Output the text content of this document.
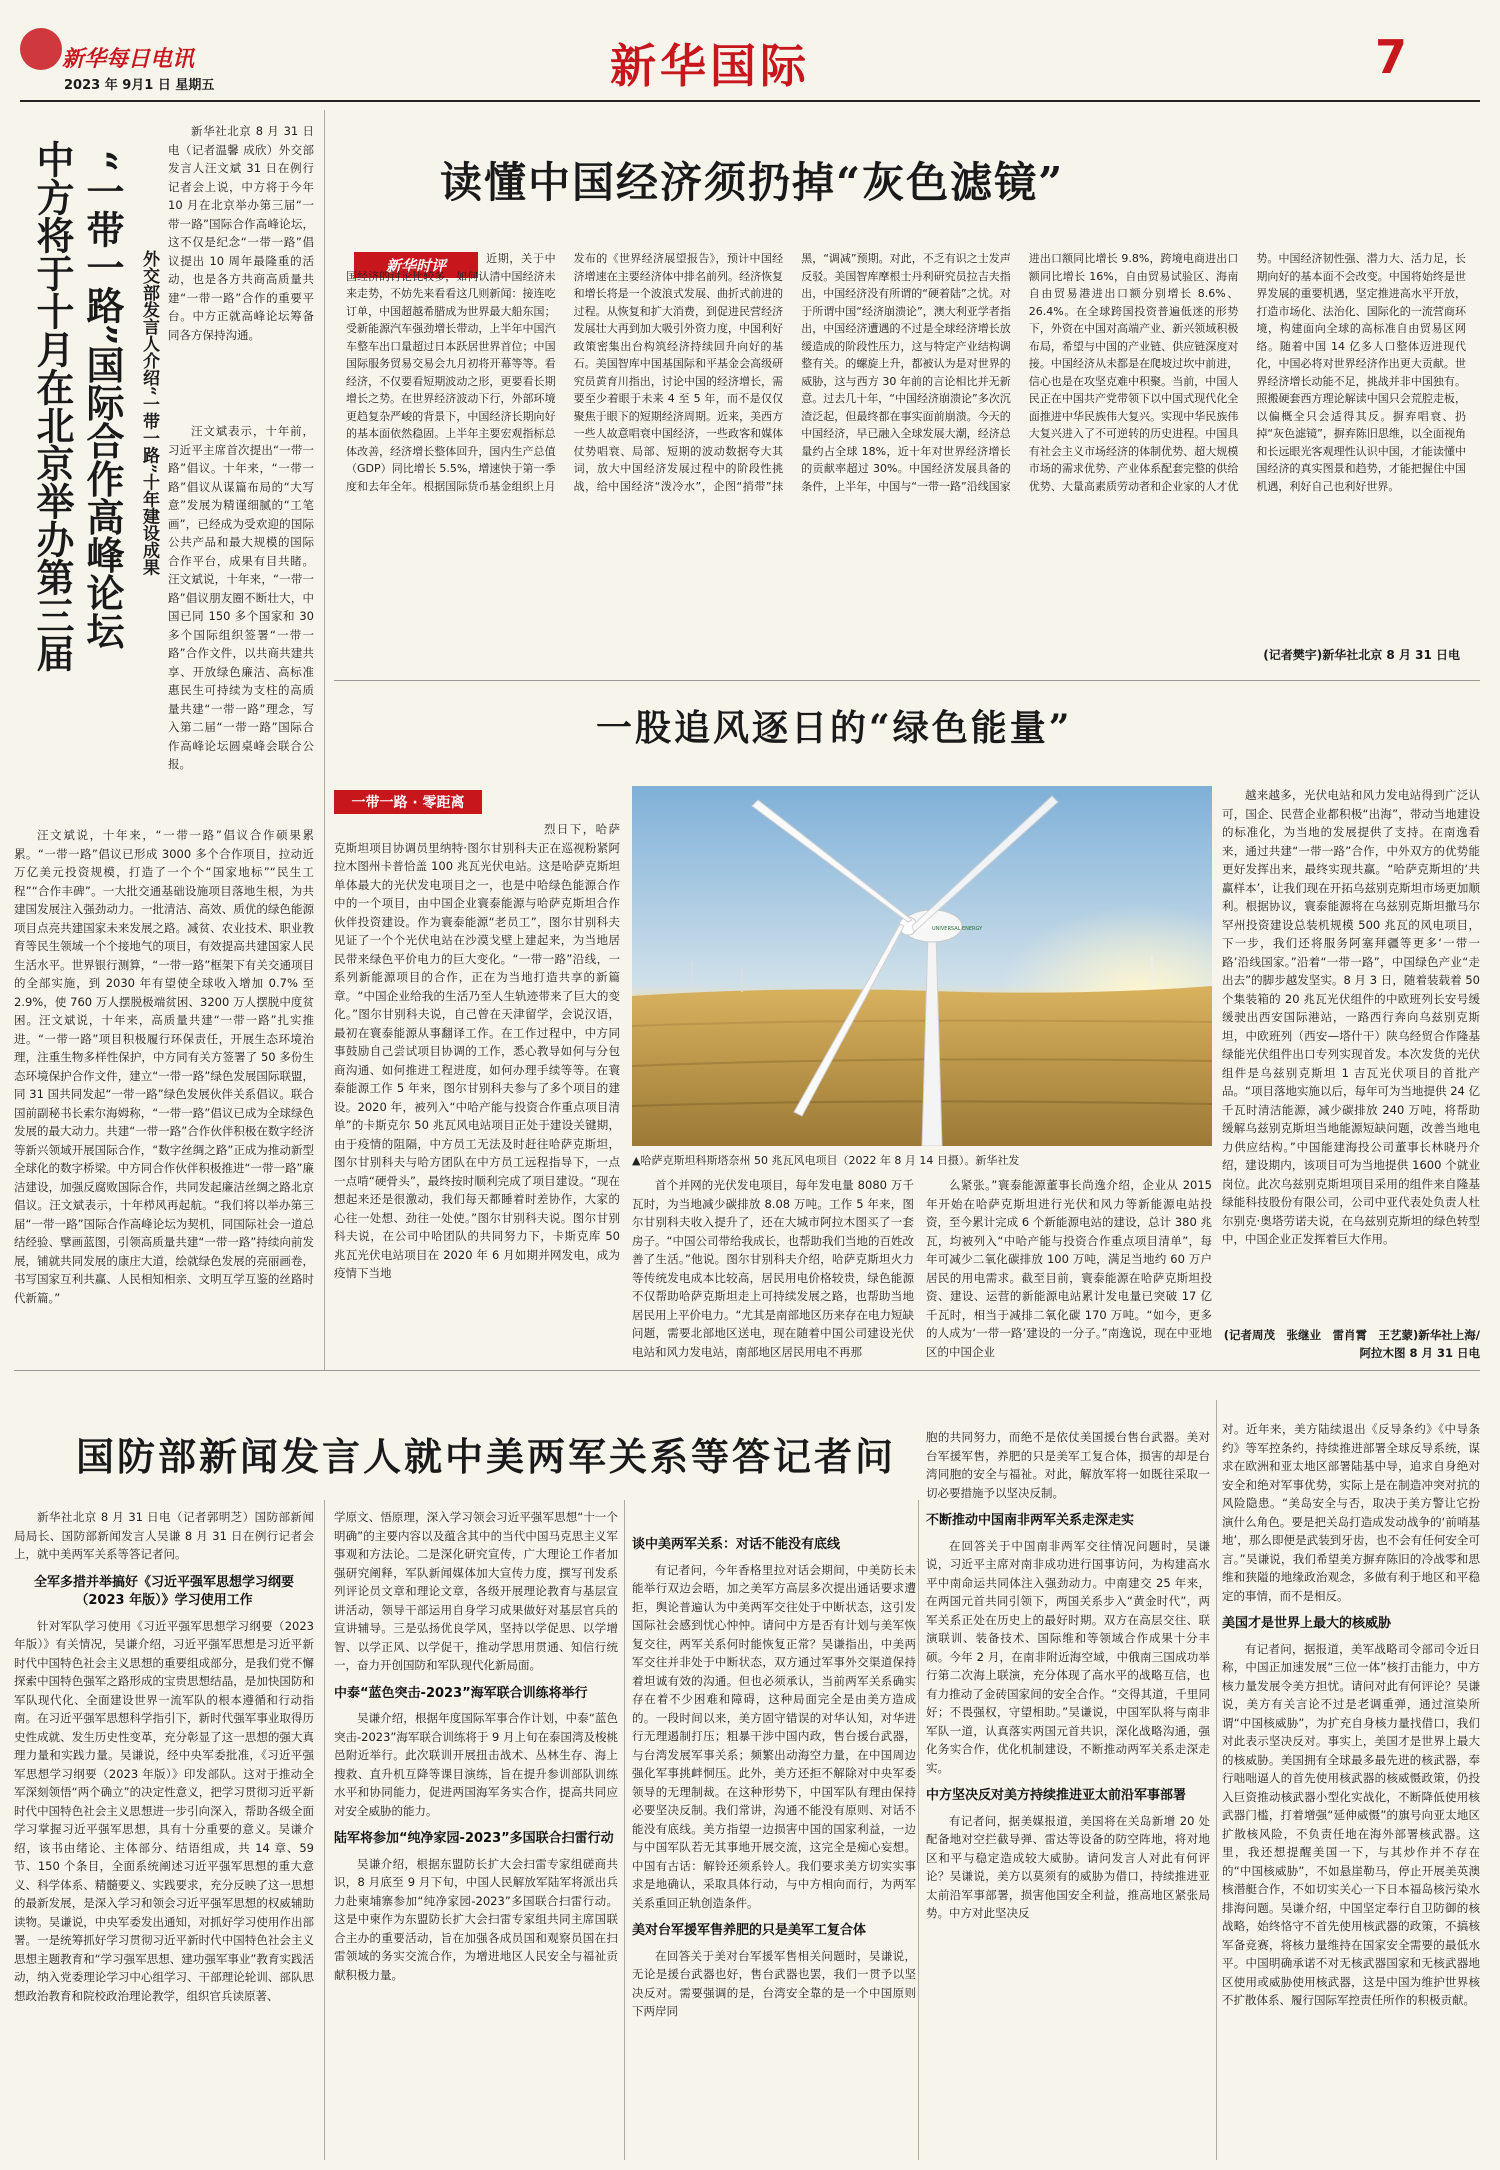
新华每日电讯
2023 年 9月1 日 星期五	新华国际	7
中方将于十月在北京举办第三届 “一带一路”国际合作高峰论坛 外交部发言人介绍“一带一路”十年建设成果

新华社北京 8 月 31 日电（记者温馨 成欣）外交部发言人汪文斌 31 日在例行记者会上说，中方将于今年 10 月在北京举办第三届“一带一路”国际合作高峰论坛，这不仅是纪念“一带一路”倡议提出 10 周年最隆重的活动，也是各方共商高质量共建“一带一路”合作的重要平台。中方正就高峰论坛筹备同各方保持沟通。

汪文斌表示，十年前，习近平主席首次提出“一带一路”倡议。十年来，“一带一路”倡议从谋篇布局的“大写意”发展为精谨细腻的“工笔画”，已经成为受欢迎的国际公共产品和最大规模的国际合作平台，成果有目共睹。汪文斌说，十年来，“一带一路”倡议朋友圈不断壮大，中国已同 150 多个国家和 30 多个国际组织签署“一带一路”合作文件，以共商共建共享、开放绿色廉洁、高标准惠民生可持续为支柱的高质量共建“一带一路”理念，写入第二届“一带一路”国际合作高峰论坛圆桌峰会联合公报。

汪文斌说，十年来，“一带一路”倡议合作硕果累累。“一带一路”倡议已形成 3000 多个合作项目，拉动近万亿美元投资规模，打造了一个个“国家地标”“民生工程”“合作丰碑”。一大批交通基础设施项目落地生根，为共建国发展注入强劲动力。一批清洁、高效、质优的绿色能源项目点亮共建国家未来发展之路。减贫、农业技术、职业教育等民生领域一个个接地气的项目，有效提高共建国家人民生活水平。世界银行测算，“一带一路”框架下有关交通项目的全部实施，到 2030 年有望使全球收入增加 0.7% 至 2.9%，使 760 万人摆脱极端贫困、3200 万人摆脱中度贫困。汪文斌说，十年来，高质量共建“一带一路”扎实推进。“一带一路”项目积极履行环保责任，开展生态环境治理，注重生物多样性保护，中方同有关方签署了 50 多份生态环境保护合作文件，建立“一带一路”绿色发展国际联盟，同 31 国共同发起“一带一路”绿色发展伙伴关系倡议。联合国前副秘书长索尔海姆称，“一带一路”倡议已成为全球绿色发展的最大动力。共建“一带一路”合作伙伴积极在数字经济等新兴领域开展国际合作，“数字丝绸之路”正成为推动新型全球化的数字桥梁。中方同合作伙伴积极推进“一带一路”廉洁建设，加强反腐败国际合作，共同发起廉洁丝绸之路北京倡议。汪文斌表示，十年栉风再起航。“我们将以举办第三届“一带一路”国际合作高峰论坛为契机，同国际社会一道总结经验、擘画蓝图，引领高质量共建“一带一路”持续向前发展，铺就共同发展的康庄大道，绘就绿色发展的亮丽画卷，书写国家互利共赢、人民相知相亲、文明互学互鉴的丝路时代新篇。”

读懂中国经济须扔掉“灰色滤镜”
新华时评	近期，关于中国经济的讨论比较多，如何认清中国经济未来走势，不妨先来看看这几则新闻：接连吃订单，中国超越希腊成为世界最大船东国；受新能源汽车强劲增长带动，上半年中国汽车整车出口量超过日本跃居世界首位；中国国际服务贸易交易会九月初将开幕等等。看经济，不仅要看短期波动之形，更要看长期增长之势。在世界经济波动下行，外部环境更趋复杂严峻的背景下，中国经济长期向好的基本面依然稳固。上半年主要宏观指标总体改善，经济增长整体回升，国内生产总值（GDP）同比增长 5.5%，增速快于第一季度和去年全年。根据国际货币基金组织上月发布的《世界经济展望报告》，预计中国经济增速在主要经济体中排名前列。经济恢复和增长将是一个波浪式发展、曲折式前进的过程。从恢复和扩大消费，到促进民营经济发展壮大再到加大吸引外资力度，中国利好政策密集出台构筑经济持续回升向好的基石。美国智库中国基国际和平基金会高级研究员黄育川指出，讨论中国的经济增长，需要至少着眼于未来 4 至 5 年，而不是仅仅聚焦于眼下的短期经济周期。近来，美西方一些人故意唱衰中国经济，一些政客和媒体仗势唱衰、局部、短期的波动数据夸大其词，放大中国经济发展过程中的阶段性挑战，给中国经济“泼冷水”，企图“捎带”抹黑，“调减”预期。对此，不乏有识之士发声反驳。美国智库摩根士丹利研究员拉吉夫指出，中国经济没有所谓的“硬着陆”之忧。对于所谓中国“经济崩溃论”，澳大利亚学者指出，中国经济遭遇的不过是全球经济增长放缓造成的阶段性压力，这与特定产业结构调整有关。的螺旋上升，都被认为是对世界的威胁，这与西方 30 年前的言论相比并无新意。过去几十年，“中国经济崩溃论”多次沉渣泛起，但最终都在事实面前崩溃。今天的中国经济，早已融入全球发展大潮，经济总量约占全球 18%，近十年对世界经济增长的贡献率超过 30%。中国经济发展具备的条件，上半年，中国与“一带一路”沿线国家进出口额同比增长 9.8%，跨境电商进出口额同比增长 16%，自由贸易试验区、海南自由贸易港进出口额分别增长 8.6%、26.4%。在全球跨国投资普遍低迷的形势下，外资在中国对高端产业、新兴领域积极布局，希望与中国的产业链、供应链深度对接。中国经济从未都是在爬坡过坎中前进，信心也是在攻坚克难中积聚。当前，中国人民正在中国共产党带领下以中国式现代化全面推进中华民族伟大复兴。实现中华民族伟大复兴进入了不可逆转的历史进程。中国具有社会主义市场经济的体制优势、超大规模市场的需求优势、产业体系配套完整的供给优势、大量高素质劳动者和企业家的人才优势。中国经济韧性强、潜力大、活力足，长期向好的基本面不会改变。中国将始终是世界发展的重要机遇，坚定推进高水平开放，打造市场化、法治化、国际化的一流营商环境，构建面向全球的高标准自由贸易区网络。随着中国 14 亿多人口整体迈进现代化，中国必将对世界经济作出更大贡献。世界经济增长动能不足，挑战并非中国独有。照搬硬套西方理论解读中国只会荒腔走板，以偏概全只会适得其反。摒弃唱衰、扔掉“灰色滤镜”，摒弃陈旧思维，以全面视角和长远眼光客观理性认识中国，才能读懂中国经济的真实图景和趋势，才能把握住中国机遇，利好自己也利好世界。

(记者樊宇)新华社北京 8 月 31 日电
一股追风逐日的“绿色能量”
一带一路 · 零距离
UNIVERSAL ENERGY
▲哈萨克斯坦科斯塔奈州 50 兆瓦风电项目（2022 年 8 月 14 日摄）。新华社发

烈日下，哈萨克斯坦项目协调员里纳特·图尔甘别科夫正在巡视粉紧阿拉木图州卡普恰盖 100 兆瓦光伏电站。这是哈萨克斯坦单体最大的光伏发电项目之一，也是中哈绿色能源合作中的一个项目，由中国企业寰泰能源与哈萨克斯坦合作伙伴投资建设。作为寰泰能源“老员工”，图尔甘别科夫见证了一个个光伏电站在沙漠戈壁上建起来，为当地居民带来绿色平价电力的巨大变化。“一带一路”沿线，一系列新能源项目的合作，正在为当地打造共享的新篇章。“中国企业给我的生活乃至人生轨迹带来了巨大的变化。”图尔甘别科夫说，自己曾在天津留学，会说汉语，最初在寰泰能源从事翻译工作。在工作过程中，中方同事鼓励自己尝试项目协调的工作，悉心教导如何与分包商沟通、如何推进工程进度，如何办理手续等等。在寰泰能源工作 5 年来，图尔甘别科夫参与了多个项目的建设。2020 年，被列入“中哈产能与投资合作重点项目清单”的卡斯克尔 50 兆瓦风电站项目正处于建设关键期，由于疫情的阻隔，中方员工无法及时赶往哈萨克斯坦，图尔甘别科夫与哈方团队在中方员工远程指导下，一点一点啃“硬骨头”，最终按时顺利完成了项目建设。“现在想起来还是很激动，我们每天都睡着时差协作，大家的心往一处想、劲往一处使。”图尔甘别科夫说。图尔甘别科夫说，在公司中哈团队的共同努力下，卡斯克库 50 兆瓦光伏电站项目在 2020 年 6 月如期并网发电，成为疫情下当地

首个并网的光伏发电项目，每年发电量 8080 万千瓦时，为当地减少碳排放 8.08 万吨。工作 5 年来，图尔甘别科夫收入提升了，还在大城市阿拉木图买了一套房子。“中国公司带给我成长，也帮助我们当地的百姓改善了生活。”他说。图尔甘别科夫介绍，哈萨克斯坦火力等传统发电成本比较高，居民用电价格较贵，绿色能源不仅帮助哈萨克斯坦走上可持续发展之路，也帮助当地居民用上平价电力。“尤其是南部地区历来存在电力短缺问题，需要北部地区送电，现在随着中国公司建设光伏电站和风力发电站，南部地区居民用电不再那

么紧张。”寰泰能源董事长尚逸介绍，企业从 2015 年开始在哈萨克斯坦进行光伏和风力等新能源电站投资，至今累计完成 6 个新能源电站的建设，总计 380 兆瓦，均被列入“中哈产能与投资合作重点项目清单”，每年可减少二氧化碳排放 100 万吨，满足当地约 60 万户居民的用电需求。截至目前，寰泰能源在哈萨克斯坦投资、建设、运营的新能源电站累计发电量已突破 17 亿千瓦时，相当于减排二氧化碳 170 万吨。“如今，更多的人成为‘一带一路’建设的一分子。”南逸说，现在中亚地区的中国企业

越来越多，光伏电站和风力发电站得到广泛认可，国企、民营企业都积极“出海”，带动当地建设的标准化，为当地的发展提供了支持。在南逸看来，通过共建“一带一路”合作，中外双方的优势能更好发挥出来，最终实现共赢。“哈萨克斯坦的‘共赢样本’，让我们现在开拓乌兹别克斯坦市场更加顺利。根据协议，寰泰能源将在乌兹别克斯坦撒马尔罕州投资建设总装机规模 500 兆瓦的风电项目，下一步，我们还将服务阿塞拜疆等更多‘一带一路’沿线国家。”沿着“一带一路”，中国绿色产业“走出去”的脚步越发坚实。8 月 3 日，随着装载着 50 个集装箱的 20 兆瓦光伏组件的中欧班列长安号缓缓驶出西安国际港站，一路西行奔向乌兹别克斯坦，中欧班列（西安—塔什干）陕乌经贸合作隆基绿能光伏组件出口专列实现首发。本次发货的光伏组件是乌兹别克斯坦 1 吉瓦光伏项目的首批产品。“项目落地实施以后，每年可为当地提供 24 亿千瓦时清洁能源，减少碳排放 240 万吨，将帮助缓解乌兹别克斯坦当地能源短缺问题，改善当地电力供应结构。”中国能建海投公司董事长林晓丹介绍，建设期内，该项目可为当地提供 1600 个就业岗位。此次乌兹别克斯坦项目采用的组件来自隆基绿能科技股份有限公司，公司中亚代表处负责人杜尔别克·奥塔劳诺夫说，在乌兹别克斯坦的绿色转型中，中国企业正发挥着巨大作用。

(记者周茂　张继业　雷肖霄　王艺蒙)新华社上海/阿拉木图 8 月 31 日电
国防部新闻发言人就中美两军关系等答记者问

新华社北京 8 月 31 日电（记者郭明芝）国防部新闻局局长、国防部新闻发言人吴谦 8 月 31 日在例行记者会上，就中美两军关系等答记者问。

全军多措并举搞好《习近平强军思想学习纲要（2023 年版）》学习使用工作

针对军队学习使用《习近平强军思想学习纲要（2023 年版）》有关情况，吴谦介绍，习近平强军思想是习近平新时代中国特色社会主义思想的重要组成部分，是我们党不懈探索中国特色强军之路形成的宝贵思想结晶，是加快国防和军队现代化、全面建设世界一流军队的根本遵循和行动指南。在习近平强军思想科学指引下，新时代强军事业取得历史性成就、发生历史性变革，充分彰显了这一思想的强大真理力量和实践力量。吴谦说，经中央军委批准，《习近平强军思想学习纲要（2023 年版）》印发部队。这对于推动全军深刻领悟“两个确立”的决定性意义，把学习贯彻习近平新时代中国特色社会主义思想进一步引向深入，帮助各级全面学习掌握习近平强军思想，具有十分重要的意义。吴谦介绍，该书由绪论、主体部分、结语组成，共 14 章、59 节、150 个条目，全面系统阐述习近平强军思想的重大意义、科学体系、精髓要义、实践要求，充分反映了这一思想的最新发展，是深入学习和领会习近平强军思想的权威辅助读物。吴谦说，中央军委发出通知，对抓好学习使用作出部署。一是统筹抓好学习贯彻习近平新时代中国特色社会主义思想主题教育和“学习强军思想、建功强军事业”教育实践活动，纳入党委理论学习中心组学习、干部理论轮训、部队思想政治教育和院校政治理论教学，组织官兵读原著、

学原文、悟原理，深入学习领会习近平强军思想“十一个明确”的主要内容以及蕴含其中的当代中国马克思主义军事观和方法论。二是深化研究宣传，广大理论工作者加强研究阐释，军队新闻媒体加大宣传力度，撰写刊发系列评论员文章和理论文章，各级开展理论教育与基层宣讲活动，领导干部运用自身学习成果做好对基层官兵的宣讲辅导。三是弘扬优良学风，坚持以学促思、以学增智、以学正风、以学促干，推动学思用贯通、知信行统一，奋力开创国防和军队现代化新局面。

中泰“蓝色突击-2023”海军联合训练将举行

吴谦介绍，根据年度国际军事合作计划，中泰“蓝色突击-2023”海军联合训练将于 9 月上旬在泰国湾及梭桃邑附近举行。此次联训开展扭击战术、丛林生存、海上搜救、直升机互降等课目演练，旨在提升参训部队训练水平和协同能力，促进两国海军务实合作，提高共同应对安全威胁的能力。

陆军将参加“纯净家园-2023”多国联合扫雷行动

吴谦介绍，根据东盟防长扩大会扫雷专家组磋商共识，8 月底至 9 月下旬，中国人民解放军陆军将派出兵力赴柬埔寨参加“纯净家园-2023”多国联合扫雷行动。这是中柬作为东盟防长扩大会扫雷专家组共同主席国联合主办的重要活动，旨在加强各成员国和观察员国在扫雷领域的务实交流合作，为增进地区人民安全与福祉贡献积极力量。

谈中美两军关系：对话不能没有底线

有记者问，今年香格里拉对话会期间，中美防长未能举行双边会晤，加之美军方高层多次提出通话要求遭拒，舆论普遍认为中美两军交往处于中断状态，这引发国际社会感到忧心忡忡。请问中方是否有计划与美军恢复交往，两军关系何时能恢复正常？吴谦指出，中美两军交往并非处于中断状态，双方通过军事外交渠道保持着坦诚有效的沟通。但也必须承认，当前两军关系确实存在着不少困难和障碍，这种局面完全是由美方造成的。一段时间以来，美方固守错误的对华认知，对华进行无理遏制打压；粗暴干涉中国内政，售台援台武器，与台湾发展军事关系；频繁出动海空力量，在中国周边强化军事挑衅恫压。此外，美方还拒不解除对中央军委领导的无理制裁。在这种形势下，中国军队有理由保持必要坚决反制。我们常讲，沟通不能没有原则、对话不能没有底线。美方指望一边损害中国的国家利益，一边与中国军队若无其事地开展交流，这完全是痴心妄想。中国有古话：解铃还须系铃人。我们要求美方切实实事求是地确认，采取具体行动，与中方相向而行，为两军关系重回正轨创造条件。

美对台军援军售养肥的只是美军工复合体

在回答关于美对台军援军售相关问题时，吴谦说，无论是援台武器也好，售台武器也罢，我们一贯予以坚决反对。需要强调的是，台湾安全靠的是一个中国原则下两岸同

胞的共同努力，而绝不是依仗美国援台售台武器。美对台军援军售，养肥的只是美军工复合体，损害的却是台湾同胞的安全与福祉。对此，解放军将一如既往采取一切必要措施予以坚决反制。

不断推动中国南非两军关系走深走实

在回答关于中国南非两军交往情况问题时，吴谦说，习近平主席对南非成功进行国事访问，为构建高水平中南命运共同体注入强劲动力。中南建交 25 年来，在两国元首共同引领下，两国关系步入“黄金时代”，两军关系正处在历史上的最好时期。双方在高层交往、联演联训、装备技术、国际维和等领域合作成果十分丰硕。今年 2 月，在南非附近海空域，中俄南三国成功举行第二次海上联演，充分体现了高水平的战略互信，也有力推动了金砖国家间的安全合作。“交得其道，千里同好；不畏强权，守望相助。”吴谦说，中国军队将与南非军队一道，认真落实两国元首共识，深化战略沟通，强化务实合作，优化机制建设，不断推动两军关系走深走实。

中方坚决反对美方持续推进亚太前沿军事部署

有记者问，据美媒报道，美国将在关岛新增 20 处配备地对空拦截导弹、雷达等设备的防空阵地，将对地区和平与稳定造成较大威胁。请问发言人对此有何评论？吴谦说，美方以莫须有的威胁为借口，持续推进亚太前沿军事部署，损害他国安全利益，推高地区紧张局势。中方对此坚决反

对。近年来，美方陆续退出《反导条约》《中导条约》等军控条约，持续推进部署全球反导系统，谋求在欧洲和亚太地区部署陆基中导，追求自身绝对安全和绝对军事优势，实际上是在制造冲突对抗的风险隐患。“美岛安全与否，取决于美方警让它扮演什么角色。要是把关岛打造成发动战争的‘前哨基地’，那么即便是武装到牙齿，也不会有任何安全可言。”吴谦说，我们希望美方摒弃陈旧的冷战零和思维和狭隘的地缘政治观念，多做有利于地区和平稳定的事情，而不是相反。

美国才是世界上最大的核威胁

有记者问，据报道，美军战略司令部司令近日称，中国正加速发展“三位一体”核打击能力，中方核力量发展令美方担忧。请问对此有何评论？吴谦说，美方有关言论不过是老调重弹，通过渲染所谓“中国核威胁”，为扩充自身核力量找借口，我们对此表示坚决反对。事实上，美国才是世界上最大的核威胁。美国拥有全球最多最先进的核武器，奉行咄咄逼人的首先使用核武器的核威慑政策，仍投入巨资推动核武器小型化实战化，不断降低使用核武器门槛，打着增强“延伸威慑”的旗号向亚太地区扩散核风险，不负责任地在海外部署核武器。这里，我还想提醒美国一下，与其炒作并不存在的“中国核威胁”，不如悬崖勒马，停止开展美英澳核潜艇合作，不如切实关心一下日本福岛核污染水排海问题。吴谦介绍，中国坚定奉行自卫防御的核战略，始终恪守不首先使用核武器的政策，不搞核军备竞赛，将核力量维持在国家安全需要的最低水平。中国明确承诺不对无核武器国家和无核武器地区使用或威胁使用核武器，这是中国为维护世界核不扩散体系、履行国际军控责任所作的积极贡献。
